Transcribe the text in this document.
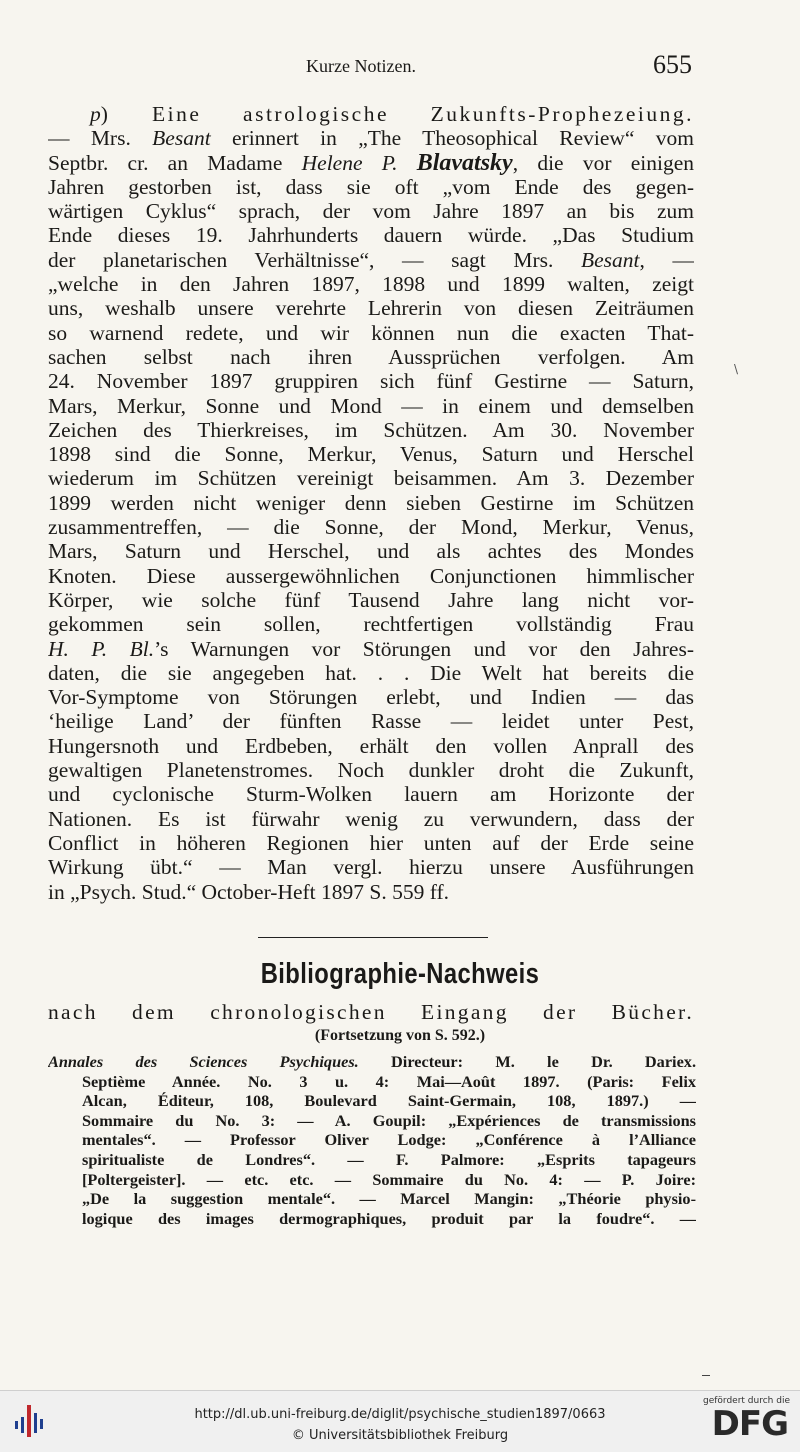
Kurze Notizen.	655
p) Eine astrologische Zukunfts-Prophezeiung.
— Mrs. Besant erinnert in „The Theosophical Review“ vom
Septbr. cr. an Madame Helene P. Blavatsky, die vor einigen
Jahren gestorben ist, dass sie oft „vom Ende des gegen-
wärtigen Cyklus“ sprach, der vom Jahre 1897 an bis zum
Ende dieses 19. Jahrhunderts dauern würde. „Das Studium
der planetarischen Verhältnisse“, — sagt Mrs. Besant, —
„welche in den Jahren 1897, 1898 und 1899 walten, zeigt
uns, weshalb unsere verehrte Lehrerin von diesen Zeiträumen
so warnend redete, und wir können nun die exacten That-
sachen selbst nach ihren Aussprüchen verfolgen. Am
24. November 1897 gruppiren sich fünf Gestirne — Saturn,
Mars, Merkur, Sonne und Mond — in einem und demselben
Zeichen des Thierkreises, im Schützen. Am 30. November
1898 sind die Sonne, Merkur, Venus, Saturn und Herschel
wiederum im Schützen vereinigt beisammen. Am 3. Dezember
1899 werden nicht weniger denn sieben Gestirne im Schützen
zusammentreffen, — die Sonne, der Mond, Merkur, Venus,
Mars, Saturn und Herschel, und als achtes des Mondes
Knoten. Diese aussergewöhnlichen Conjunctionen himmlischer
Körper, wie solche fünf Tausend Jahre lang nicht vor-
gekommen sein sollen, rechtfertigen vollständig Frau
H. P. Bl.’s Warnungen vor Störungen und vor den Jahres-
daten, die sie angegeben hat. . . Die Welt hat bereits die
Vor-Symptome von Störungen erlebt, und Indien — das
‘heilige Land’ der fünften Rasse — leidet unter Pest,
Hungersnoth und Erdbeben, erhält den vollen Anprall des
gewaltigen Planetenstromes. Noch dunkler droht die Zukunft,
und cyclonische Sturm-Wolken lauern am Horizonte der
Nationen. Es ist fürwahr wenig zu verwundern, dass der
Conflict in höheren Regionen hier unten auf der Erde seine
Wirkung übt.“ — Man vergl. hierzu unsere Ausführungen
in „Psych. Stud.“ October-Heft 1897 S. 559 ff.
\
Bibliographie-Nachweis
nach dem chronologischen Eingang der Bücher.
(Fortsetzung von S. 592.)
Annales des Sciences Psychiques. Directeur: M. le Dr. Dariex.
Septième Année. No. 3 u. 4: Mai—Août 1897. (Paris: Felix
Alcan, Éditeur, 108, Boulevard Saint-Germain, 108, 1897.) —
Sommaire du No. 3: — A. Goupil: „Expériences de transmissions
mentales“. — Professor Oliver Lodge: „Conférence à l’Alliance
spiritualiste de Londres“. — F. Palmore: „Esprits tapageurs
[Poltergeister]. — etc. etc. — Sommaire du No. 4: — P. Joire:
„De la suggestion mentale“. — Marcel Mangin: „Théorie physio-
logique des images dermographiques, produit par la foudre“. —
http://dl.ub.uni-freiburg.de/diglit/psychische_studien1897/0663
© Universitätsbibliothek Freiburg
gefördert durch die
DFG
